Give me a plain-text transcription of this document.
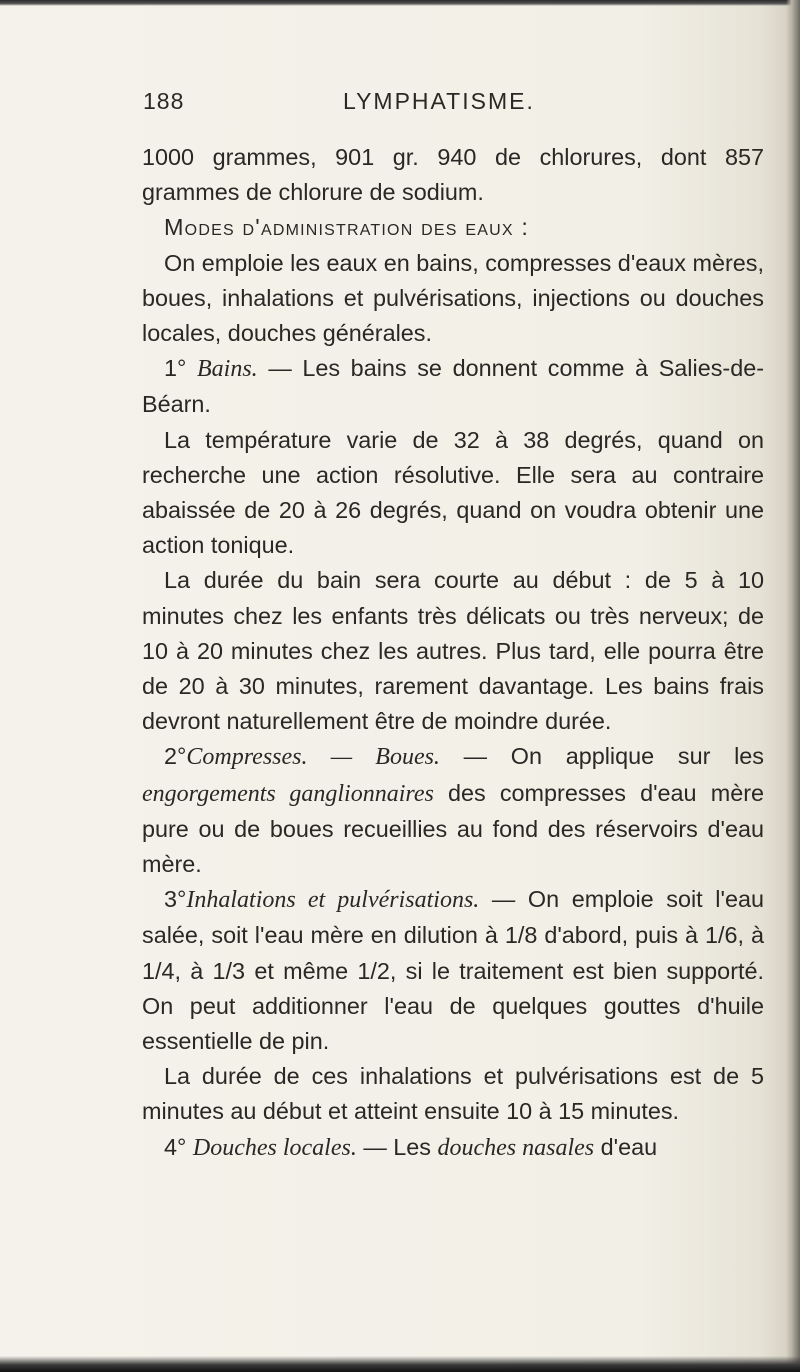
188	LYMPHATISME.

1000 grammes, 901 gr. 940 de chlorures, dont 857 grammes de chlorure de sodium.

Modes d'administration des eaux :

On emploie les eaux en bains, compresses d'eaux mères, boues, inhalations et pulvérisations, injections ou douches locales, douches générales.

1° Bains. — Les bains se donnent comme à Salies-de-Béarn.

La température varie de 32 à 38 degrés, quand on recherche une action résolutive. Elle sera au contraire abaissée de 20 à 26 degrés, quand on voudra obtenir une action tonique.

La durée du bain sera courte au début : de 5 à 10 minutes chez les enfants très délicats ou très nerveux; de 10 à 20 minutes chez les autres. Plus tard, elle pourra être de 20 à 30 minutes, rarement davantage. Les bains frais devront naturellement être de moindre durée.

2°Compresses. — Boues. — On applique sur les engorgements ganglionnaires des compresses d'eau mère pure ou de boues recueillies au fond des réservoirs d'eau mère.

3°Inhalations et pulvérisations. — On emploie soit l'eau salée, soit l'eau mère en dilution à 1/8 d'abord, puis à 1/6, à 1/4, à 1/3 et même 1/2, si le traitement est bien supporté. On peut additionner l'eau de quelques gouttes d'huile essentielle de pin.

La durée de ces inhalations et pulvérisations est de 5 minutes au début et atteint ensuite 10 à 15 minutes.

4° Douches locales. — Les douches nasales d'eau
